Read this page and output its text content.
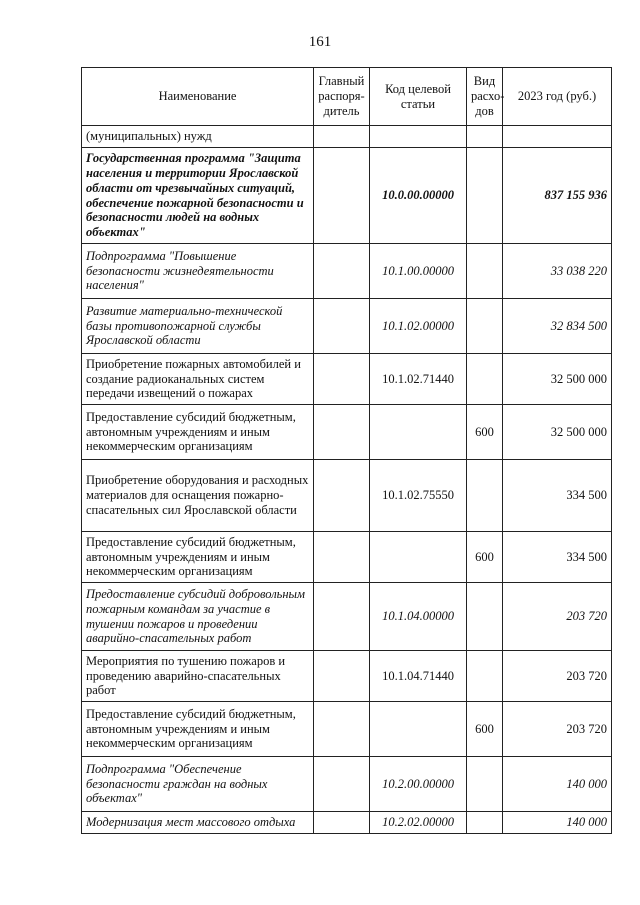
161
Наименование	Главный распоря-дитель	Код целевой статьи	Вид расхо-дов	2023 год (руб.)
(муниципальных) нужд				
Государственная программа "Защита населения и территории Ярославской области от чрезвычайных ситуаций, обеспечение пожарной безопасности и безопасности людей на водных объектах"		10.0.00.00000		837 155 936
Подпрограмма "Повышение безопасности жизнедеятельности населения"		10.1.00.00000		33 038 220
Развитие материально-технической базы противопожарной службы Ярославской области		10.1.02.00000		32 834 500
Приобретение пожарных автомобилей и создание радиоканальных систем передачи извещений о пожарах		10.1.02.71440		32 500 000
Предоставление субсидий бюджетным, автономным учреждениям и иным некоммерческим организациям			600	32 500 000
Приобретение оборудования и расходных материалов для оснащения пожарно-спасательных сил Ярославской области		10.1.02.75550		334 500
Предоставление субсидий бюджетным, автономным учреждениям и иным некоммерческим организациям			600	334 500
Предоставление субсидий добровольным пожарным командам за участие в тушении пожаров и проведении аварийно-спасательных работ		10.1.04.00000		203 720
Мероприятия по тушению пожаров и проведению аварийно-спасательных работ		10.1.04.71440		203 720
Предоставление субсидий бюджетным, автономным учреждениям и иным некоммерческим организациям			600	203 720
Подпрограмма "Обеспечение безопасности граждан на водных объектах"		10.2.00.00000		140 000
Модернизация мест массового отдыха		10.2.02.00000		140 000
